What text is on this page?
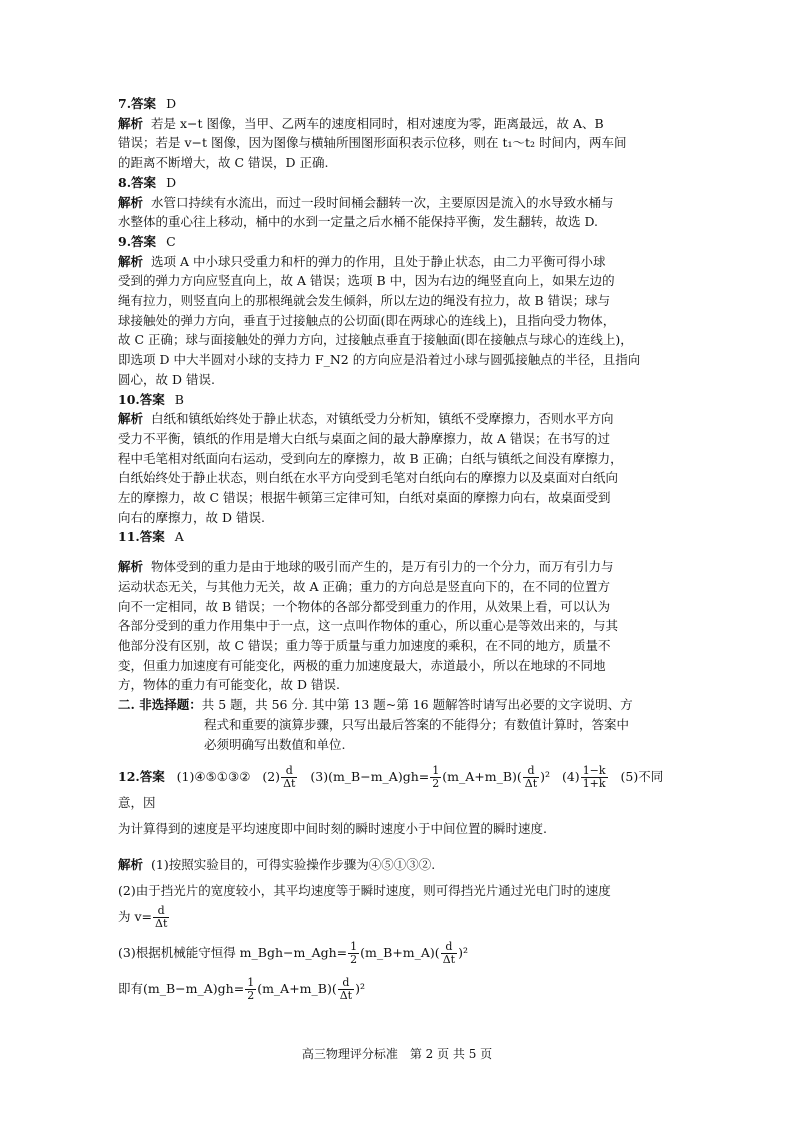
7.答案 D

解析 若是 x−t 图像，当甲、乙两车的速度相同时，相对速度为零，距离最远，故 A、B

错误；若是 v−t 图像，因为图像与横轴所围图形面积表示位移，则在 t₁～t₂ 时间内，两车间

的距离不断增大，故 C 错误，D 正确.

8.答案 D

解析 水管口持续有水流出，而过一段时间桶会翻转一次，主要原因是流入的水导致水桶与

水整体的重心往上移动，桶中的水到一定量之后水桶不能保持平衡，发生翻转，故选 D.

9.答案 C

解析 选项 A 中小球只受重力和杆的弹力的作用，且处于静止状态，由二力平衡可得小球

受到的弹力方向应竖直向上，故 A 错误；选项 B 中，因为右边的绳竖直向上，如果左边的

绳有拉力，则竖直向上的那根绳就会发生倾斜，所以左边的绳没有拉力，故 B 错误；球与

球接触处的弹力方向，垂直于过接触点的公切面(即在两球心的连线上)，且指向受力物体，

故 C 正确；球与面接触处的弹力方向，过接触点垂直于接触面(即在接触点与球心的连线上)，

即选项 D 中大半圆对小球的支持力 F_N2 的方向应是沿着过小球与圆弧接触点的半径，且指向

圆心，故 D 错误.

10.答案 B

解析 白纸和镇纸始终处于静止状态，对镇纸受力分析知，镇纸不受摩擦力，否则水平方向

受力不平衡，镇纸的作用是增大白纸与桌面之间的最大静摩擦力，故 A 错误；在书写的过

程中毛笔相对纸面向右运动，受到向左的摩擦力，故 B 正确；白纸与镇纸之间没有摩擦力，

白纸始终处于静止状态，则白纸在水平方向受到毛笔对白纸向右的摩擦力以及桌面对白纸向

左的摩擦力，故 C 错误；根据牛顿第三定律可知，白纸对桌面的摩擦力向右，故桌面受到

向右的摩擦力，故 D 错误.

11.答案 A

解析 物体受到的重力是由于地球的吸引而产生的，是万有引力的一个分力，而万有引力与

运动状态无关，与其他力无关，故 A 正确；重力的方向总是竖直向下的，在不同的位置方

向不一定相同，故 B 错误；一个物体的各部分都受到重力的作用，从效果上看，可以认为

各部分受到的重力作用集中于一点，这一点叫作物体的重心，所以重心是等效出来的，与其

他部分没有区别，故 C 错误；重力等于质量与重力加速度的乘积，在不同的地方，质量不

变，但重力加速度有可能变化，两极的重力加速度最大，赤道最小，所以在地球的不同地

方，物体的重力有可能变化，故 D 错误.

二. 非选择题：共 5 题，共 56 分. 其中第 13 题~第 16 题解答时请写出必要的文字说明、方

程式和重要的演算步骤，只写出最后答案的不能得分；有数值计算时，答案中

必须明确写出数值和单位.

12.答案 (1)④⑤①③② $(2) \frac{d}{\Delta t}$ (3)(m_B−m_A)gh= $\frac{1}{2}$ (m_A+m_B)( $\frac{d}{\Delta t} )^2$ $(4) \frac{1-k}{1+k} (5)$不同意，因

为计算得到的速度是平均速度即中间时刻的瞬时速度小于中间位置的瞬时速度.

解析 (1)按照实验目的，可得实验操作步骤为④⑤①③②.

(2)由于挡光片的宽度较小，其平均速度等于瞬时速度，则可得挡光片通过光电门时的速度

为 $v= \frac{d}{\Delta t}$

(3)根据机械能守恒得 m_Bgh−m_Agh= $\frac{1}{2}$ (m_B+m_A)( $\frac{d}{\Delta t} )^2$

即有(m_B−m_A)gh= $\frac{1}{2}$ (m_A+m_B)( $\frac{d}{\Delta t} )^2$

高三物理评分标准　第 2 页 共 5 页
